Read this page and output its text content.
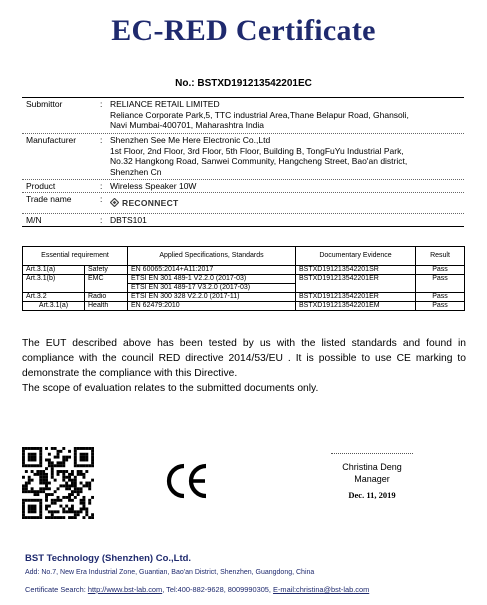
EC-RED Certificate
No.: BSTXD191213542201EC
Submittor	: RELIANCE RETAIL LIMITED
Reliance Corporate Park,5, TTC industrial Area,Thane Belapur Road, Ghansoli,
Navi Mumbai-400701, Maharashtra India
Manufacturer	: Shenzhen See Me Here Electronic Co.,Ltd
1st Floor, 2nd Floor, 3rd Floor, 5th Floor, Building B, TongFuYu Industrial Park,
No.32 Hangkong Road, Sanwei Community, Hangcheng Street, Bao'an district,
Shenzhen Cn
Product	: Wireless Speaker 10W
Trade name	:	RECONNECT
M/N	: DBTS101
Essential requirement		Applied Specifications, Standards	Documentary Evidence	Result
Art.3.1(a)	Safety	EN 60065:2014+A11:2017	BSTXD191213542201SR	Pass
Art.3.1(b)	EMC	ETSI EN 301 489-1 V2.2.0 (2017-03)	BSTXD191213542201ER	Pass
		ETSI EN 301 489-17 V3.2.0 (2017-03)		
Art.3.2	Radio	ETSI EN 300 328 V2.2.0 (2017-11)	BSTXD191213542201ER	Pass
Art.3.1(a)	Health	EN 62479:2010	BSTXD191213542201EM	Pass

The EUT described above has been tested by us with the listed standards and found in compliance with the council RED directive 2014/53/EU . It is possible to use CE marking to demonstrate the compliance with this Directive.

The scope of evaluation relates to the submitted documents only.

Christina Deng
Manager
Dec. 11, 2019
BST Technology (Shenzhen) Co.,Ltd.
Add: No.7, New Era Industrial Zone, Guantian, Bao'an District, Shenzhen, Guangdong, China
Certificate Search: http://www.bst-lab.com, Tel:400-882-9628, 8009990305, E-mail:christina@bst-lab.com
